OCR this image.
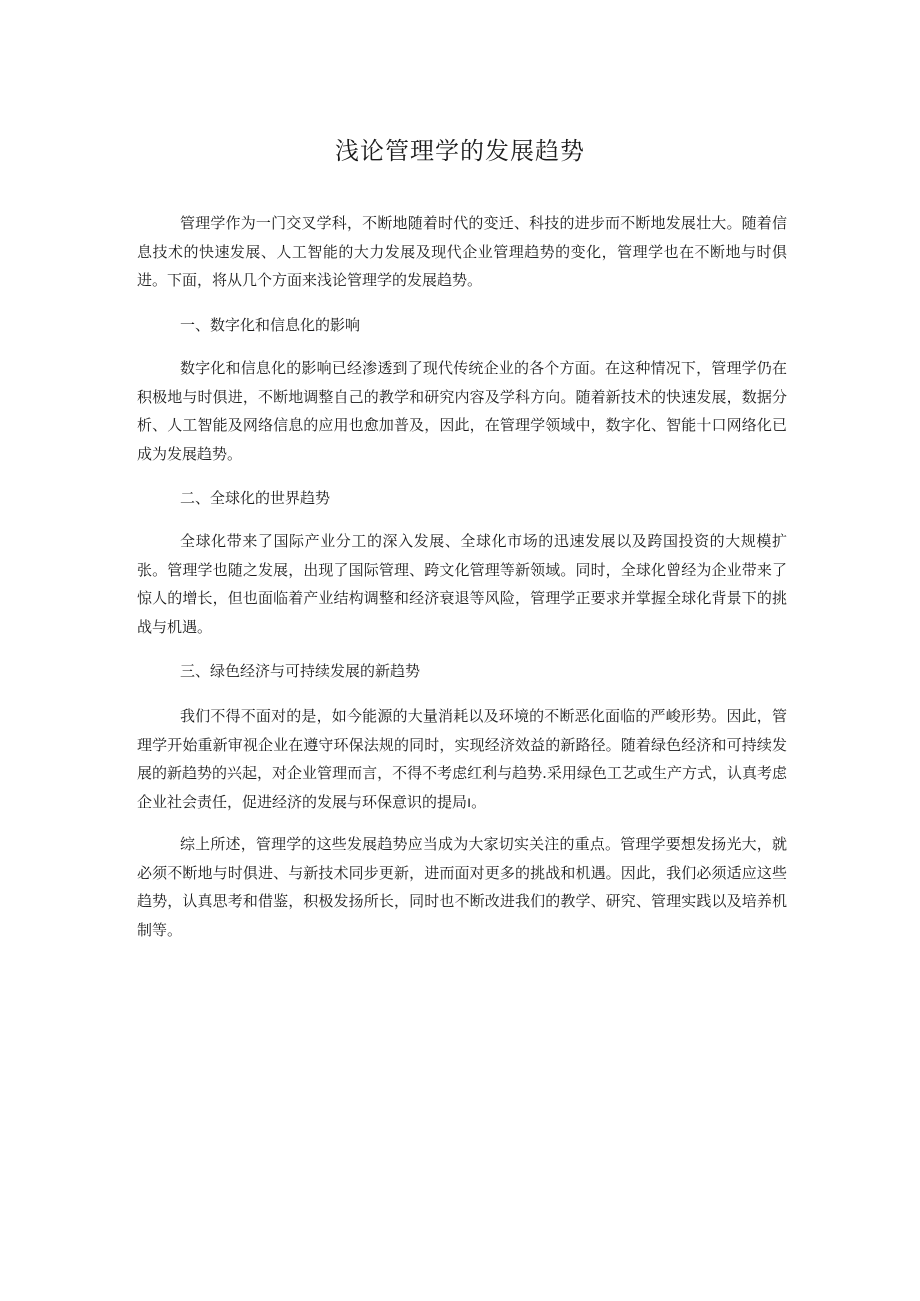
浅论管理学的发展趋势

管理学作为一门交叉学科，不断地随着时代的变迁、科技的进步而不断地发展壮大。随着信息技术的快速发展、人工智能的大力发展及现代企业管理趋势的变化，管理学也在不断地与时俱进。下面，将从几个方面来浅论管理学的发展趋势。

一、数字化和信息化的影响

数字化和信息化的影响已经渗透到了现代传统企业的各个方面。在这种情况下，管理学仍在积极地与时俱进，不断地调整自己的教学和研究内容及学科方向。随着新技术的快速发展，数据分析、人工智能及网络信息的应用也愈加普及，因此，在管理学领域中，数字化、智能十口网络化已成为发展趋势。

二、全球化的世界趋势

全球化带来了国际产业分工的深入发展、全球化市场的迅速发展以及跨国投资的大规模扩张。管理学也随之发展，出现了国际管理、跨文化管理等新领域。同时，全球化曾经为企业带来了惊人的增长，但也面临着产业结构调整和经济衰退等风险，管理学正要求并掌握全球化背景下的挑战与机遇。

三、绿色经济与可持续发展的新趋势

我们不得不面对的是，如今能源的大量消耗以及环境的不断恶化面临的严峻形势。因此，管理学开始重新审视企业在遵守环保法规的同时，实现经济效益的新路径。随着绿色经济和可持续发展的新趋势的兴起，对企业管理而言，不得不考虑红利与趋势.采用绿色工艺或生产方式，认真考虑企业社会责任，促进经济的发展与环保意识的提局ı。

综上所述，管理学的这些发展趋势应当成为大家切实关注的重点。管理学要想发扬光大，就必须不断地与时俱进、与新技术同步更新，进而面对更多的挑战和机遇。因此，我们必须适应这些趋势，认真思考和借鉴，积极发扬所长，同时也不断改进我们的教学、研究、管理实践以及培养机制等。
